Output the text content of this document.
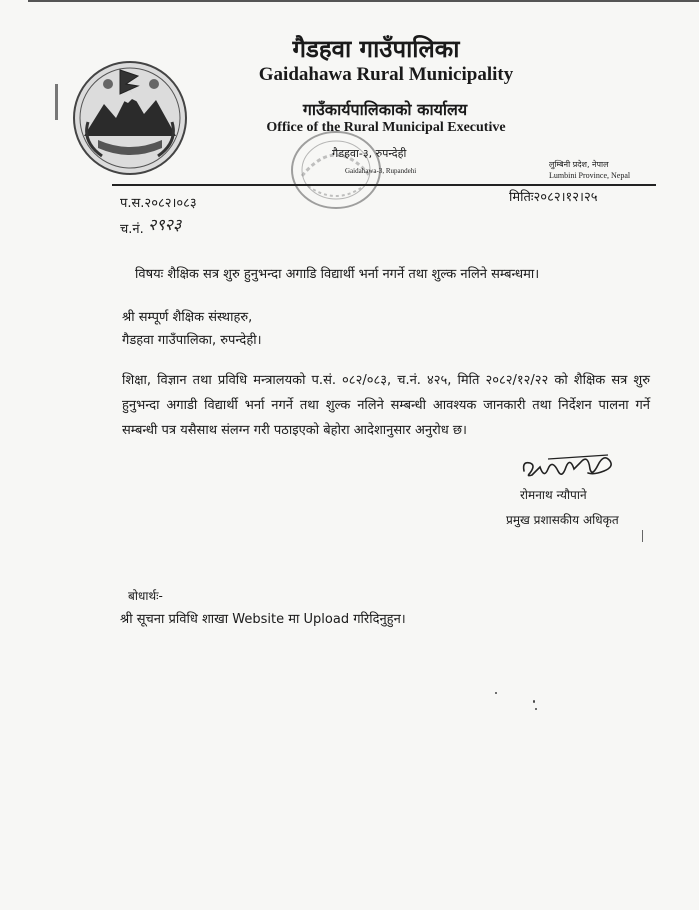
गैडहवा गाउँपालिका
Gaidahawa Rural Municipality
गाउँकार्यपालिकाको कार्यालय
Office of the Rural Municipal Executive
गैडहवा-३, रुपन्देही
Gaidahawa-3, Rupandehi
लुम्बिनी प्रदेश, नेपाल
Lumbini Province, Nepal
प.स.२०८२।०८३	मितिः२०८२।१२।२५
च.नं. २९२३
विषयः शैक्षिक सत्र शुरु हुनुभन्दा अगाडि विद्यार्थी भर्ना नगर्ने तथा शुल्क नलिने सम्बन्धमा।
श्री सम्पूर्ण शैक्षिक संस्थाहरु,
गैडहवा गाउँपालिका, रुपन्देही।
शिक्षा, विज्ञान तथा प्रविधि मन्त्रालयको प.सं. ०८२/०८३, च.नं. ४२५, मिति २०८२/१२/२२ को शैक्षिक सत्र शुरु हुनुभन्दा अगाडी विद्यार्थी भर्ना नगर्ने तथा शुल्क नलिने सम्बन्धी आवश्यक जानकारी तथा निर्देशन पालना गर्ने सम्बन्धी पत्र यसैसाथ संलग्न गरी पठाइएको बेहोरा आदेशानुसार अनुरोध छ।
रोमनाथ न्यौपाने
प्रमुख प्रशासकीय अधिकृत
बोधार्थः-
श्री सूचना प्रविधि शाखा Website मा Upload गरिदिनुहुन।
